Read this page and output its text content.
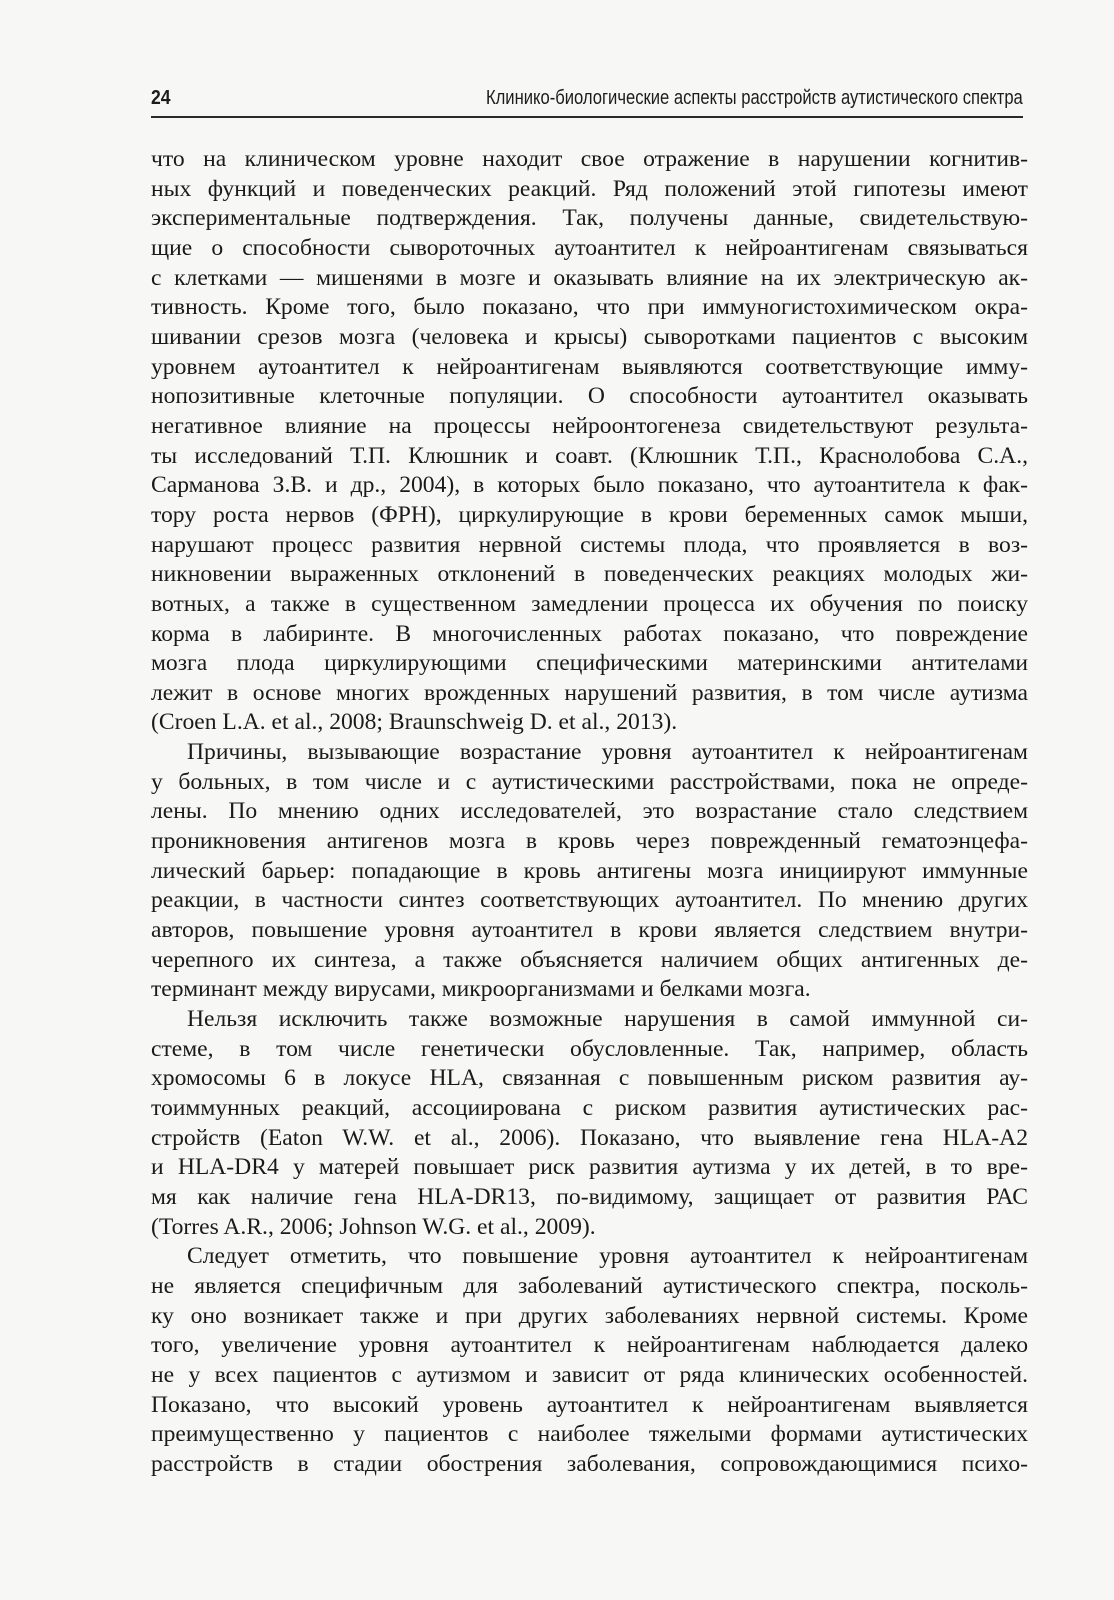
24	Клинико-биологические аспекты расстройств аутистического спектра
что на клиническом уровне находит свое отражение в нарушении когнитив-
ных функций и поведенческих реакций. Ряд положений этой гипотезы имеют
экспериментальные подтверждения. Так, получены данные, свидетельствую-
щие о способности сывороточных аутоантител к нейроантигенам связываться
с клетками — мишенями в мозге и оказывать влияние на их электрическую ак-
тивность. Кроме того, было показано, что при иммуногистохимическом окра-
шивании срезов мозга (человека и крысы) сыворотками пациентов с высоким
уровнем аутоантител к нейроантигенам выявляются соответствующие имму-
нопозитивные клеточные популяции. О способности аутоантител оказывать
негативное влияние на процессы нейроонтогенеза свидетельствуют результа-
ты исследований Т.П. Клюшник и соавт. (Клюшник Т.П., Краснолобова С.А.,
Сарманова З.В. и др., 2004), в которых было показано, что аутоантитела к фак-
тору роста нервов (ФРН), циркулирующие в крови беременных самок мыши,
нарушают процесс развития нервной системы плода, что проявляется в воз-
никновении выраженных отклонений в поведенческих реакциях молодых жи-
вотных, а также в существенном замедлении процесса их обучения по поиску
корма в лабиринте. В многочисленных работах показано, что повреждение
мозга плода циркулирующими специфическими материнскими антителами
лежит в основе многих врожденных нарушений развития, в том числе аутизма
(Croen L.A. et al., 2008; Braunschweig D. et al., 2013).
Причины, вызывающие возрастание уровня аутоантител к нейроантигенам
у больных, в том числе и с аутистическими расстройствами, пока не опреде-
лены. По мнению одних исследователей, это возрастание стало следствием
проникновения антигенов мозга в кровь через поврежденный гематоэнцефа-
лический барьер: попадающие в кровь антигены мозга инициируют иммунные
реакции, в частности синтез соответствующих аутоантител. По мнению других
авторов, повышение уровня аутоантител в крови является следствием внутри-
черепного их синтеза, а также объясняется наличием общих антигенных де-
терминант между вирусами, микроорганизмами и белками мозга.
Нельзя исключить также возможные нарушения в самой иммунной си-
стеме, в том числе генетически обусловленные. Так, например, область
хромосомы 6 в локусе HLA, связанная с повышенным риском развития ау-
тоиммунных реакций, ассоциирована с риском развития аутистических рас-
стройств (Eaton W.W. et al., 2006). Показано, что выявление гена HLA-A2
и HLA-DR4 у матерей повышает риск развития аутизма у их детей, в то вре-
мя как наличие гена HLA-DR13, по-видимому, защищает от развития РАС
(Torres A.R., 2006; Johnson W.G. et al., 2009).
Следует отметить, что повышение уровня аутоантител к нейроантигенам
не является специфичным для заболеваний аутистического спектра, посколь-
ку оно возникает также и при других заболеваниях нервной системы. Кроме
того, увеличение уровня аутоантител к нейроантигенам наблюдается далеко
не у всех пациентов с аутизмом и зависит от ряда клинических особенностей.
Показано, что высокий уровень аутоантител к нейроантигенам выявляется
преимущественно у пациентов с наиболее тяжелыми формами аутистических
расстройств в стадии обострения заболевания, сопровождающимися психо-
